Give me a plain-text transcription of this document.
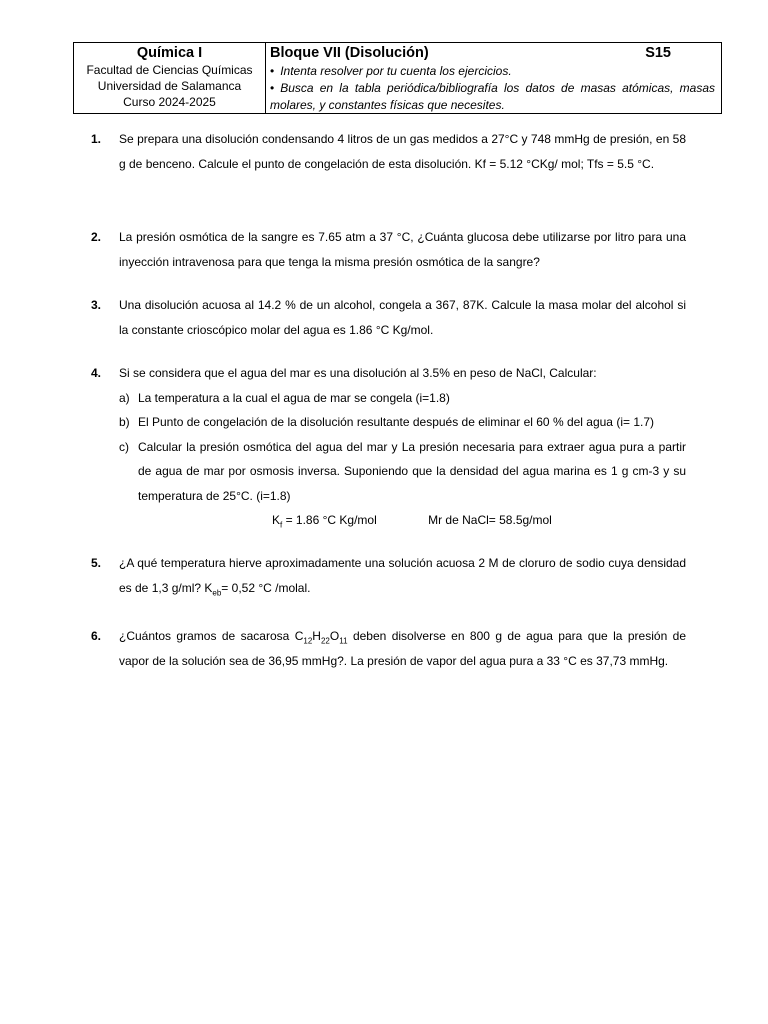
Química I
Facultad de Ciencias Químicas
Universidad de Salamanca
Curso 2024-2025
Bloque VII (Disolución)	S15
• Intenta resolver por tu cuenta los ejercicios.
• Busca en la tabla periódica/bibliografía los datos de masas atómicas, masas molares, y constantes físicas que necesites.
1. Se prepara una disolución condensando 4 litros de un gas medidos a 27°C y 748 mmHg de presión, en 58 g de benceno. Calcule el punto de congelación de esta disolución. Kf = 5.12 °CKg/ mol; Tfs = 5.5 °C.
2. La presión osmótica de la sangre es 7.65 atm a 37 °C, ¿Cuánta glucosa debe utilizarse por litro para una inyección intravenosa para que tenga la misma presión osmótica de la sangre?
3. Una disolución acuosa al 14.2 % de un alcohol, congela a 367, 87K. Calcule la masa molar del alcohol si la constante crioscópico molar del agua es 1.86 °C Kg/mol.
4. Si se considera que el agua del mar es una disolución al 3.5% en peso de NaCl, Calcular:
a) La temperatura a la cual el agua de mar se congela (i=1.8)
b) El Punto de congelación de la disolución resultante después de eliminar el 60 % del agua (i= 1.7)
c) Calcular la presión osmótica del agua del mar y La presión necesaria para extraer agua pura a partir de agua de mar por osmosis inversa. Suponiendo que la densidad del agua marina es 1 g cm-3 y su temperatura de 25°C. (i=1.8)
$K_f = 1.86$ °C Kg/mol	Mr de NaCl= 58.5g/mol
5. ¿A qué temperatura hierve aproximadamente una solución acuosa 2 M de cloruro de sodio cuya densidad es de 1,3 g/ml? $K_{eb}= 0,52$ °C /molal.
6. ¿Cuántos gramos de sacarosa $C_{12}H_{22}O_{11}$ deben disolverse en 800 g de agua para que la presión de vapor de la solución sea de 36,95 mmHg?. La presión de vapor del agua pura a 33 °C es 37,73 mmHg.
